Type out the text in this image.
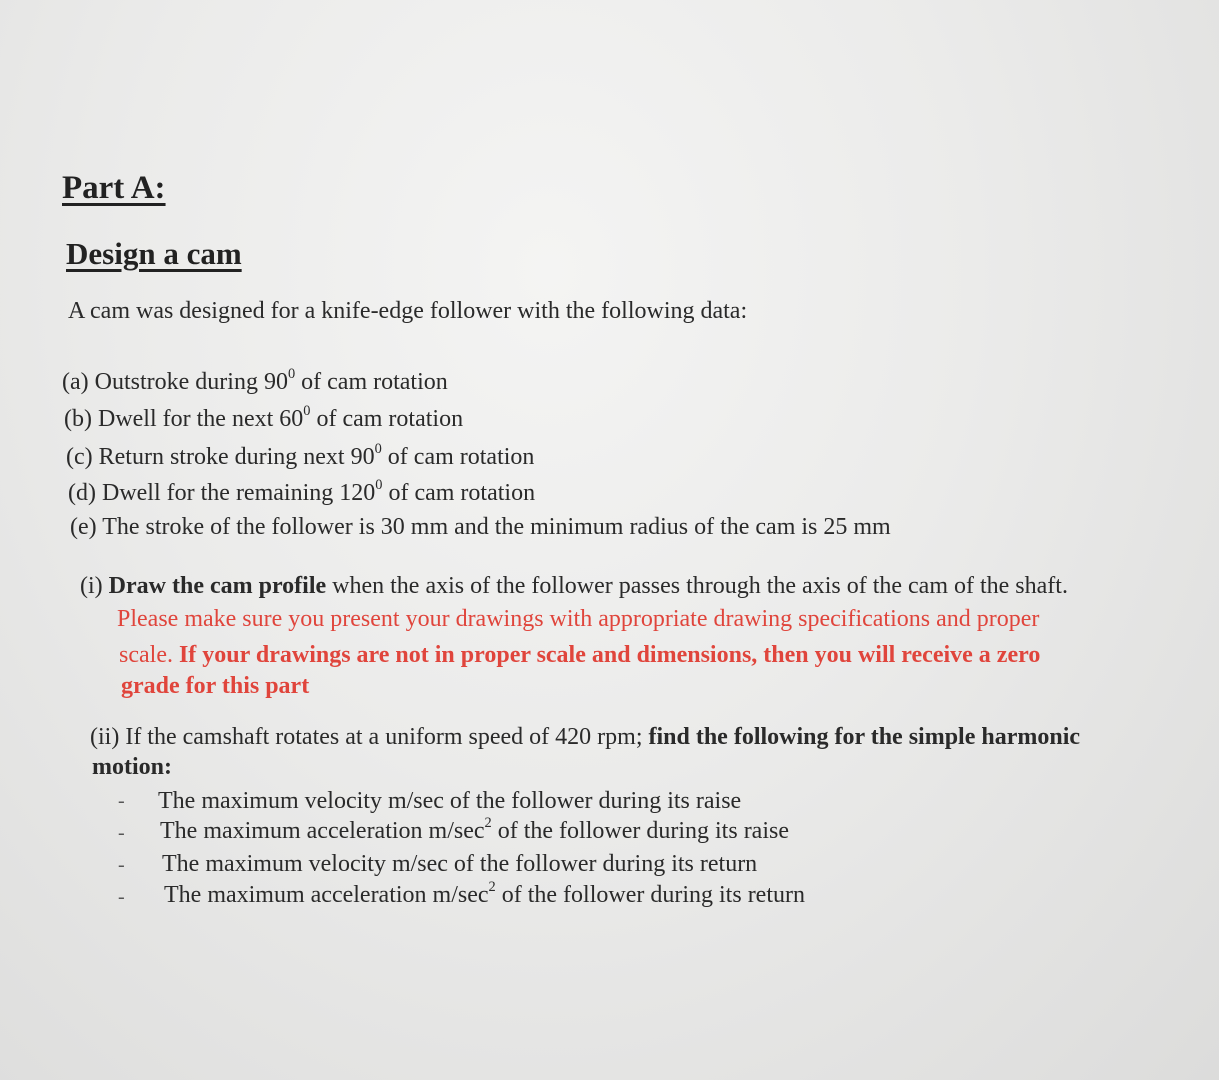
Part A:
Design a cam
A cam was designed for a knife-edge follower with the following data:
(a) Outstroke during $90^0$ of cam rotation
(b) Dwell for the next $60^0$ of cam rotation
(c) Return stroke during next $90^0$ of cam rotation
(d) Dwell for the remaining $120^0$ of cam rotation
(e) The stroke of the follower is 30 mm and the minimum radius of the cam is 25 mm
(i) Draw the cam profile when the axis of the follower passes through the axis of the cam of the shaft.
Please make sure you present your drawings with appropriate drawing specifications and proper
scale. If your drawings are not in proper scale and dimensions, then you will receive a zero
grade for this part
(ii) If the camshaft rotates at a uniform speed of 420 rpm; find the following for the simple harmonic
motion:
- The maximum velocity m/sec of the follower during its raise
- The maximum acceleration $m/\sec^2$ of the follower during its raise
- The maximum velocity m/sec of the follower during its return
- The maximum acceleration $m/\sec^2$ of the follower during its return
